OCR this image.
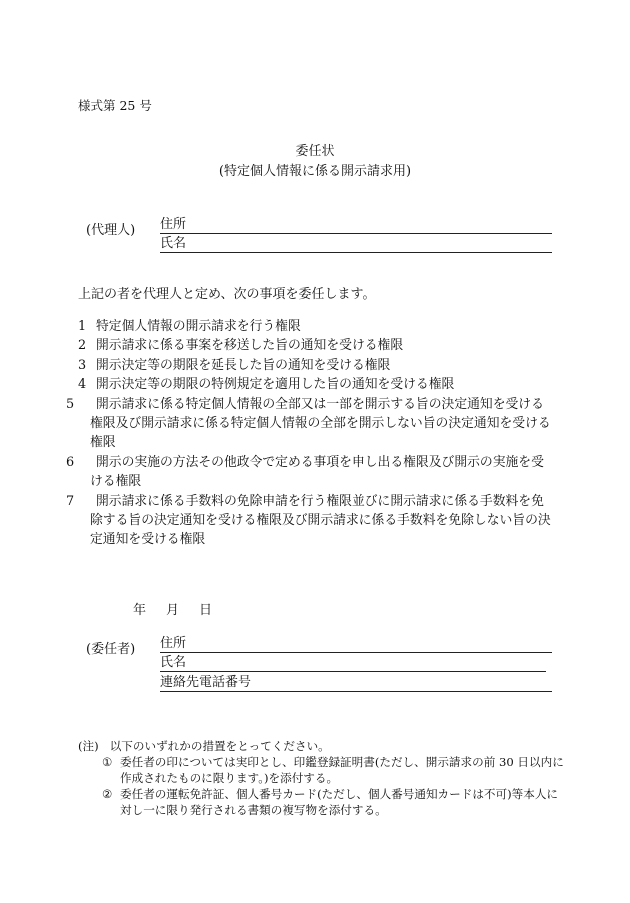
様式第 25 号
委任状
(特定個人情報に係る開示請求用)
(代理人) 住所
氏名
上記の者を代理人と定め、次の事項を委任します。
1 特定個人情報の開示請求を行う権限
2 開示請求に係る事案を移送した旨の通知を受ける権限
3 開示決定等の期限を延長した旨の通知を受ける権限
4 開示決定等の期限の特例規定を適用した旨の通知を受ける権限
5 開示請求に係る特定個人情報の全部又は一部を開示する旨の決定通知を受ける権限及び開示請求に係る特定個人情報の全部を開示しない旨の決定通知を受ける権限
6 開示の実施の方法その他政令で定める事項を申し出る権限及び開示の実施を受ける権限
7 開示請求に係る手数料の免除申請を行う権限並びに開示請求に係る手数料を免除する旨の決定通知を受ける権限及び開示請求に係る手数料を免除しない旨の決定通知を受ける権限
年 月 日
(委任者) 住所
氏名
連絡先電話番号
(注) 以下のいずれかの措置をとってください。
① 委任者の印については実印とし、印鑑登録証明書(ただし、開示請求の前 30 日以内に作成されたものに限ります。)を添付する。
② 委任者の運転免許証、個人番号カード(ただし、個人番号通知カードは不可)等本人に対し一に限り発行される書類の複写物を添付する。
